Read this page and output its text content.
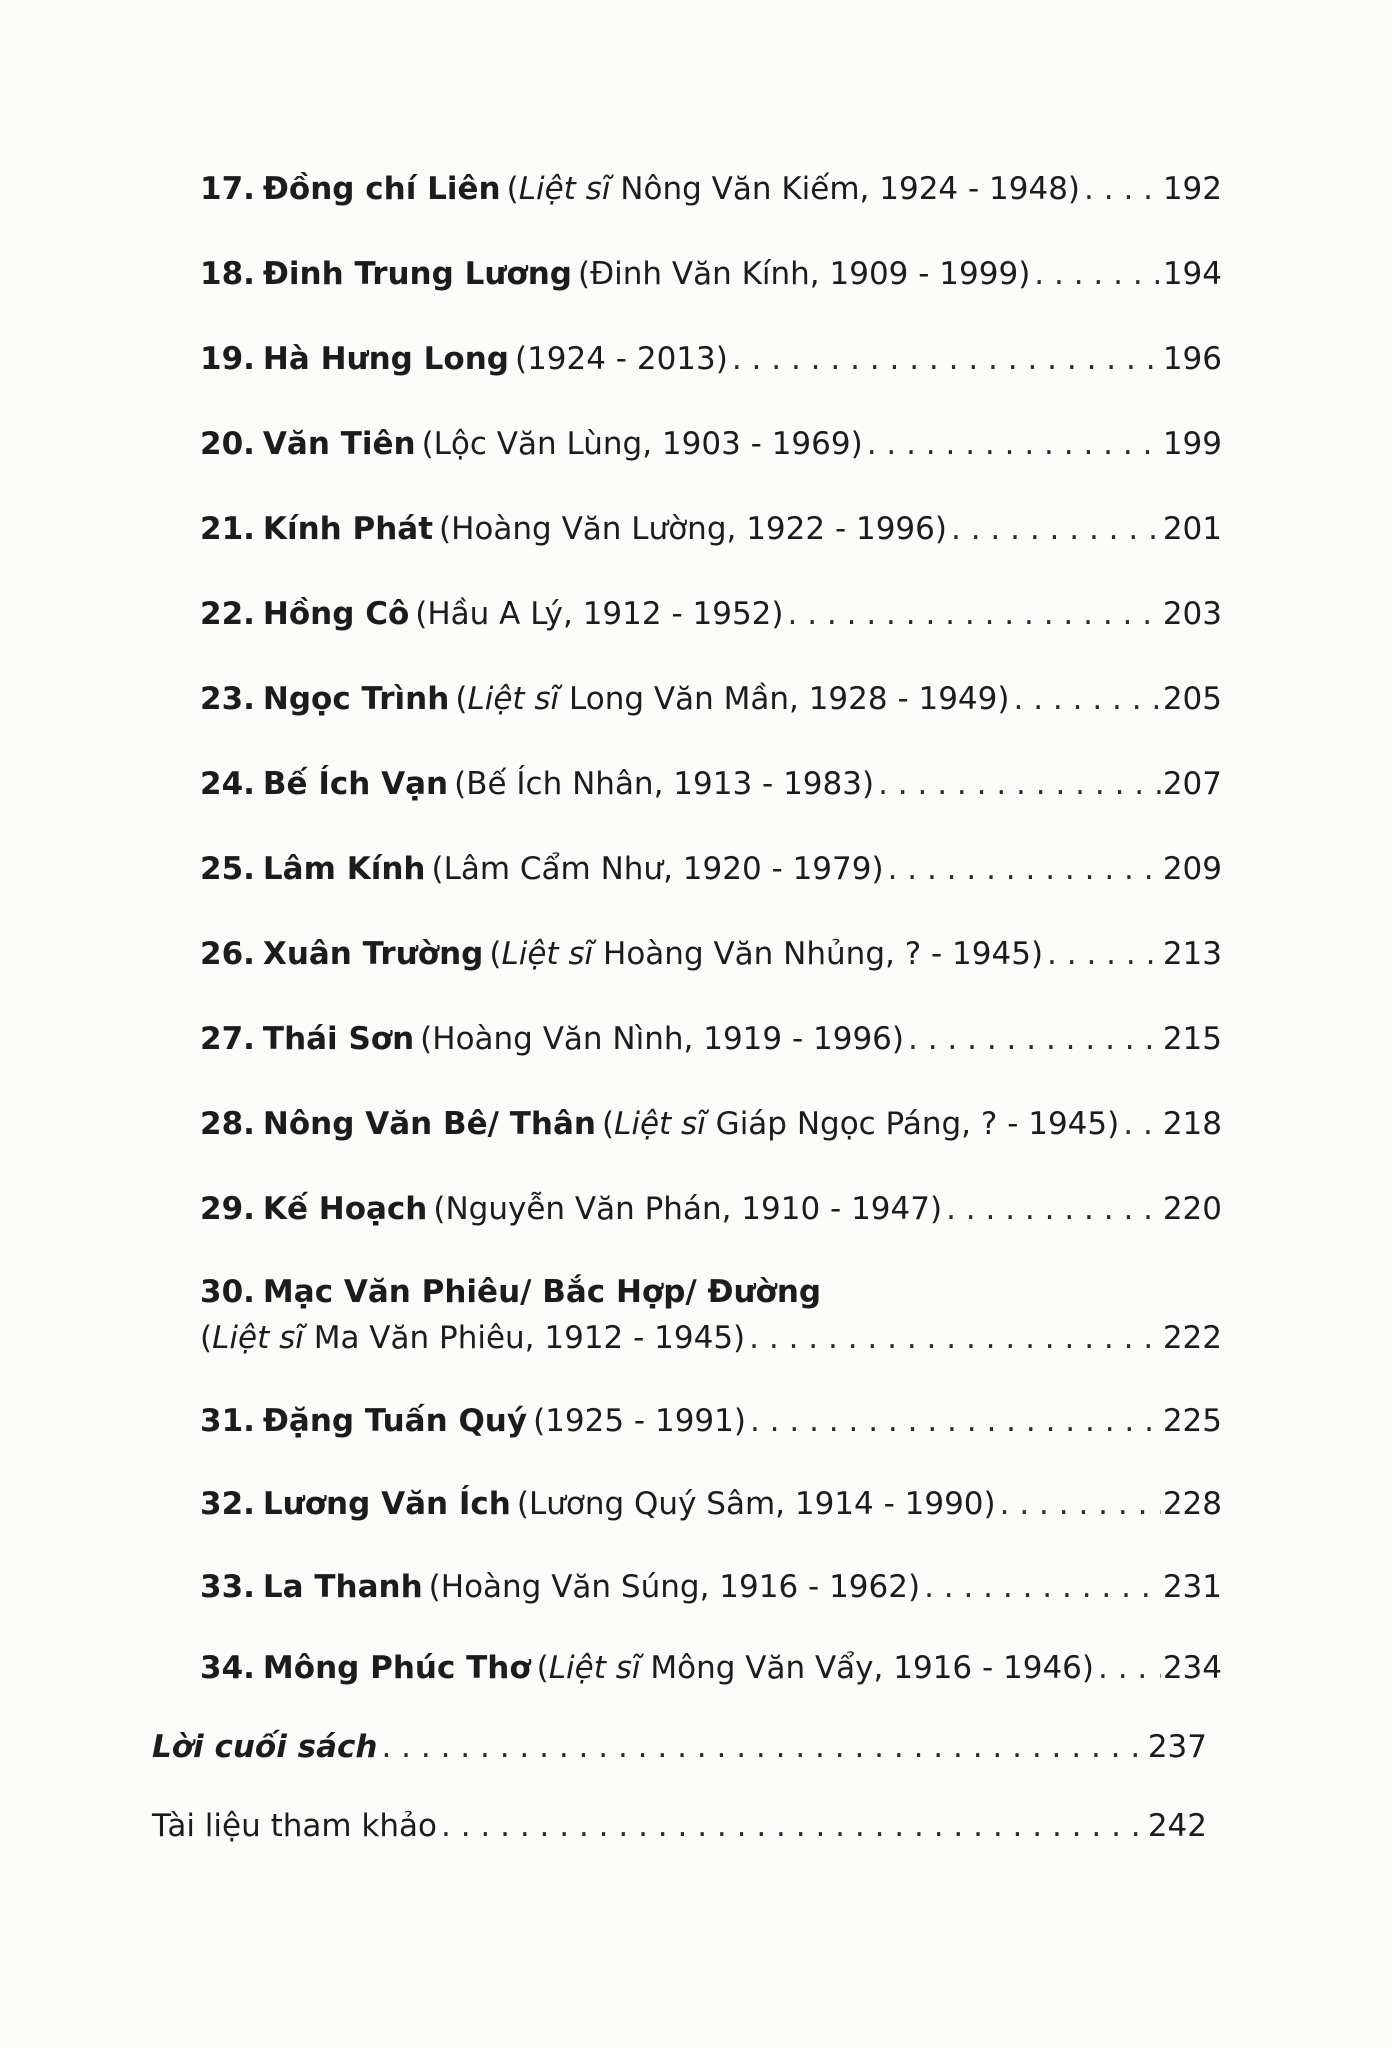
17. Đồng chí Liên (Liệt sĩ Nông Văn Kiếm, 1924 - 1948) . . .	192
18. Đinh Trung Lương (Đinh Văn Kính, 1909 - 1999) . . .	194
19. Hà Hưng Long (1924 - 2013) . . .	196
20. Văn Tiên (Lộc Văn Lùng, 1903 - 1969) . . .	199
21. Kính Phát (Hoàng Văn Lường, 1922 - 1996) . . .	201
22. Hồng Cô (Hầu A Lý, 1912 - 1952) . . .	203
23. Ngọc Trình (Liệt sĩ Long Văn Mần, 1928 - 1949) . . .	205
24. Bế Ích Vạn (Bế Ích Nhân, 1913 - 1983) . . .	207
25. Lâm Kính (Lâm Cẩm Như, 1920 - 1979) . . .	209
26. Xuân Trường (Liệt sĩ Hoàng Văn Nhủng, ? - 1945) . . .	213
27. Thái Sơn (Hoàng Văn Nình, 1919 - 1996) . . .	215
28. Nông Văn Bê/ Thân (Liệt sĩ Giáp Ngọc Páng, ? - 1945) . . . 218
29. Kế Hoạch (Nguyễn Văn Phán, 1910 - 1947) . . .	220
30. Mạc Văn Phiêu/ Bắc Hợp/ Đường
(Liệt sĩ Ma Văn Phiêu, 1912 - 1945) . . .	222
31. Đặng Tuấn Quý (1925 - 1991) . . .	225
32. Lương Văn Ích (Lương Quý Sâm, 1914 - 1990) . . .	228
33. La Thanh (Hoàng Văn Súng, 1916 - 1962) . . .	231
34. Mông Phúc Thơ (Liệt sĩ Mông Văn Vẩy, 1916 - 1946) . . . 234
Lời cuối sách . . .	237
Tài liệu tham khảo . . .	242
